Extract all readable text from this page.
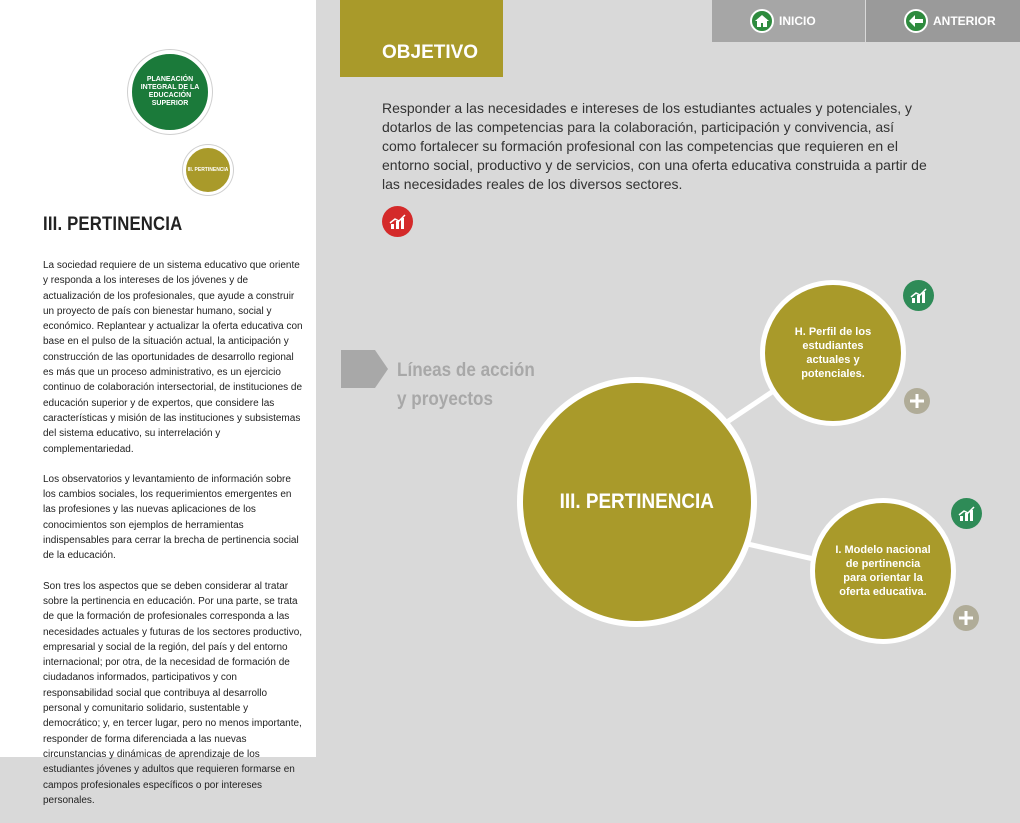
PLANEACIÓN INTEGRAL DE LA EDUCACIÓN SUPERIOR
III. PERTINENCIA
III. PERTINENCIA

La sociedad requiere de un sistema educativo que oriente y responda a los intereses de los jóvenes y de actualización de los profesionales, que ayude a construir un proyecto de país con bienestar humano, social y económico. Replantear y actualizar la oferta educativa con base en el pulso de la situación actual, la anticipación y construcción de las oportunidades de desarrollo regional es más que un proceso administrativo, es un ejercicio continuo de colaboración intersectorial, de instituciones de educación superior y de expertos, que considere las características y misión de las instituciones y subsistemas del sistema educativo, su interrelación y complementariedad.

Los observatorios y levantamiento de información sobre los cambios sociales, los requerimientos emergentes en las profesiones y las nuevas aplicaciones de los conocimientos son ejemplos de herramientas indispensables para cerrar la brecha de pertinencia social de la educación.

Son tres los aspectos que se deben considerar al tratar sobre la pertinencia en educación. Por una parte, se trata de que la formación de profesionales corresponda a las necesidades actuales y futuras de los sectores productivo, empresarial y social de la región, del país y del entorno internacional; por otra, de la necesidad de formación de ciudadanos informados, participativos y con responsabilidad social que contribuya al desarrollo personal y comunitario solidario, sustentable y democrático; y, en tercer lugar, pero no menos importante, responder de forma diferenciada a las nuevas circunstancias y dinámicas de aprendizaje de los estudiantes jóvenes y adultos que requieren formarse en campos profesionales específicos o por intereses personales.

OBJETIVO
Responder a las necesidades e intereses de los estudiantes actuales y potenciales, y dotarlos de las competencias para la colaboración, participación y convivencia, así como fortalecer su formación profesional con las competencias que requieren en el entorno social, productivo y de servicios, con una oferta educativa construida a partir de las necesidades reales de los diversos sectores.
INICIO	ANTERIOR
Líneas de acción
y proyectos
III. PERTINENCIA
H. Perfil de los estudiantes actuales y potenciales.
I. Modelo nacional de pertinencia para orientar la oferta educativa.
